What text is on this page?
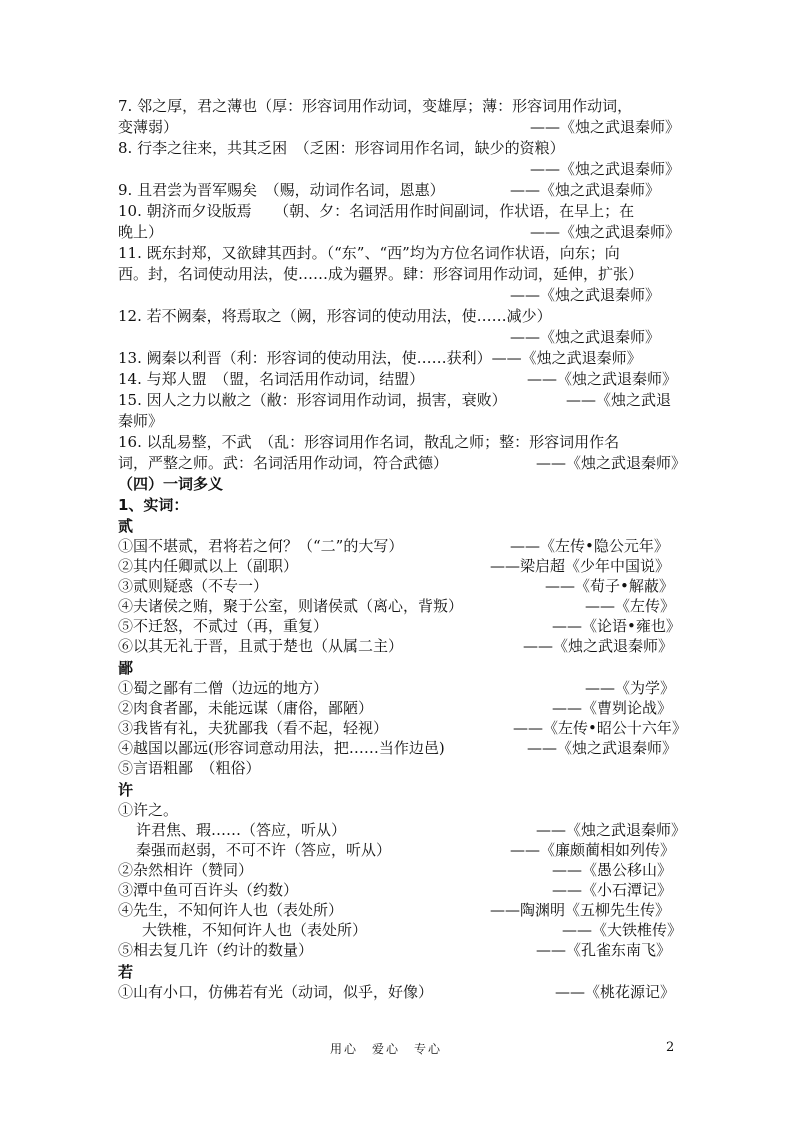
7. 邻之厚，君之薄也（厚：形容词用作动词，变雄厚；薄：形容词用作动词，
变薄弱）	——《烛之武退秦师》
8. 行李之往来，共其乏困　（乏困：形容词用作名词，缺少的资粮）
——《烛之武退秦师》
9. 且君尝为晋军赐矣　（赐，动词作名词，恩惠）	——《烛之武退秦师》
10. 朝济而夕设版焉　　（朝、夕：名词活用作时间副词，作状语，在早上；在
晚上）	——《烛之武退秦师》
11. 既东封郑，又欲肆其西封。（“东”、“西”均为方位名词作状语，向东；向
西。封，名词使动用法，使……成为疆界。肆：形容词用作动词，延伸，扩张）
——《烛之武退秦师》
12. 若不阙秦，将焉取之（阙，形容词的使动用法，使……减少）
——《烛之武退秦师》
13. 阙秦以利晋（利：形容词的使动用法，使……获利）——《烛之武退秦师》
14. 与郑人盟　（盟，名词活用作动词，结盟）	——《烛之武退秦师》
15. 因人之力以敝之（敝：形容词用作动词，损害，衰败）	——《烛之武退
秦师》
16. 以乱易整，不武　（乱：形容词用作名词，散乱之师；整：形容词用作名
词，严整之师。武：名词活用作动词，符合武德）	——《烛之武退秦师》
（四）一词多义
1、实词：
贰
①国不堪贰，君将若之何？（“二”的大写）	——《左传•隐公元年》
②其内任卿贰以上（副职）	——梁启超《少年中国说》
③贰则疑惑（不专一）	——《荀子•解蔽》
④夫诸侯之贿，聚于公室，则诸侯贰（离心，背叛）	——《左传》
⑤不迁怒，不贰过（再，重复）	——《论语•雍也》
⑥以其无礼于晋，且贰于楚也（从属二主）	——《烛之武退秦师》
鄙
①蜀之鄙有二僧（边远的地方）	——《为学》
②肉食者鄙，未能远谋（庸俗，鄙陋）	——《曹刿论战》
③我皆有礼，夫犹鄙我（看不起，轻视）	——《左传•昭公十六年》
④越国以鄙远(形容词意动用法，把……当作边邑)	——《烛之武退秦师》
⑤言语粗鄙　（粗俗）
许
①许之。
许君焦、瑕……（答应，听从）	——《烛之武退秦师》
秦强而赵弱，不可不许（答应，听从）	——《廉颇蔺相如列传》
②杂然相许（赞同）	——《愚公移山》
③潭中鱼可百许头（约数）	——《小石潭记》
④先生，不知何许人也（表处所）	——陶渊明《五柳先生传》
大铁椎，不知何许人也（表处所）	——《大铁椎传》
⑤相去复几许（约计的数量）	——《孔雀东南飞》
若
①山有小口，仿佛若有光（动词，似乎，好像）	——《桃花源记》
用心　爱心　专心	2
